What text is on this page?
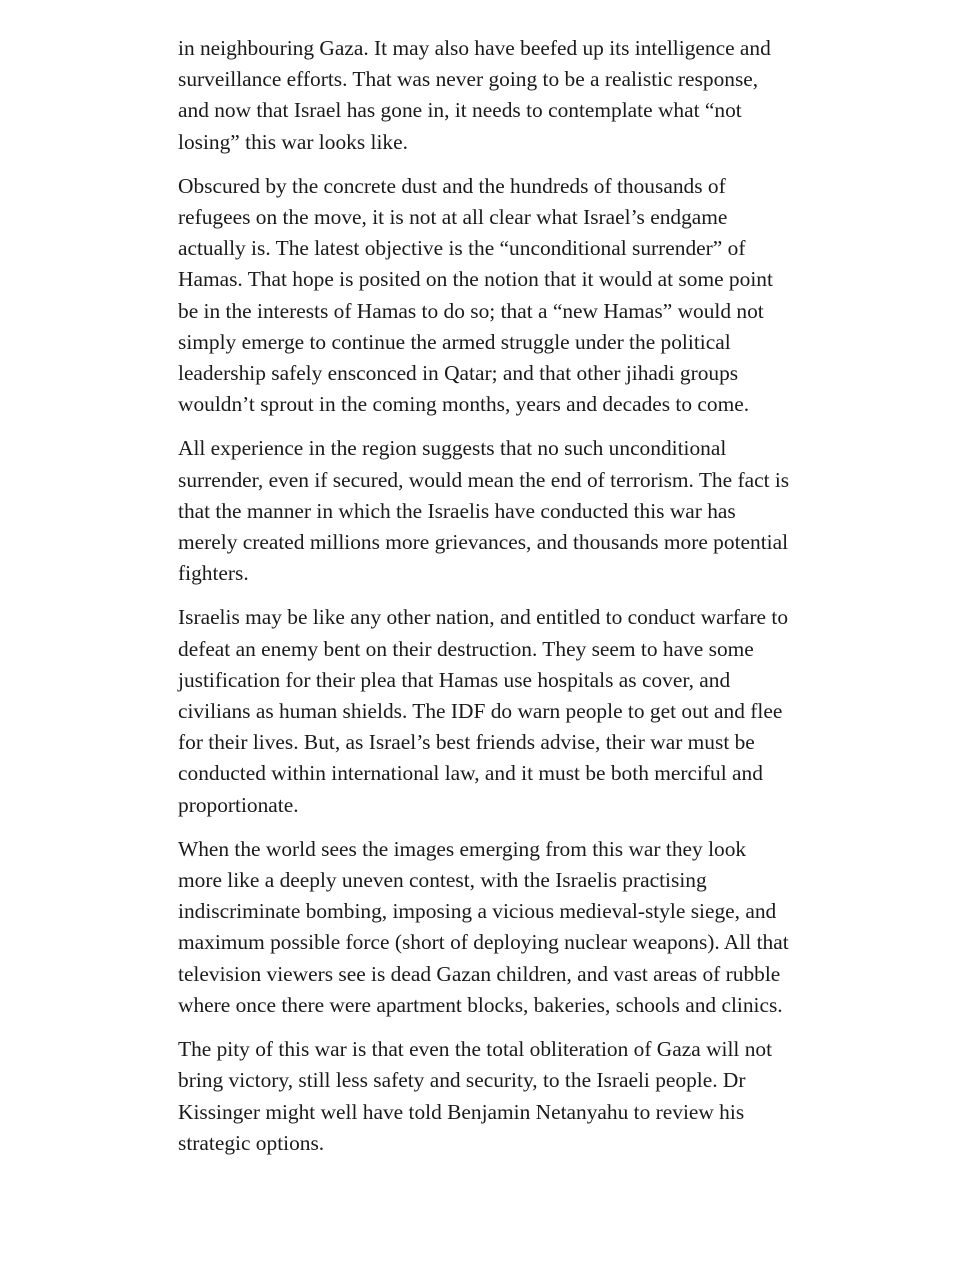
in neighbouring Gaza. It may also have beefed up its intelligence and surveillance efforts. That was never going to be a realistic response, and now that Israel has gone in, it needs to contemplate what “not losing” this war looks like.

Obscured by the concrete dust and the hundreds of thousands of refugees on the move, it is not at all clear what Israel’s endgame actually is. The latest objective is the “unconditional surrender” of Hamas. That hope is posited on the notion that it would at some point be in the interests of Hamas to do so; that a “new Hamas” would not simply emerge to continue the armed struggle under the political leadership safely ensconced in Qatar; and that other jihadi groups wouldn’t sprout in the coming months, years and decades to come.

All experience in the region suggests that no such unconditional surrender, even if secured, would mean the end of terrorism. The fact is that the manner in which the Israelis have conducted this war has merely created millions more grievances, and thousands more potential fighters.

Israelis may be like any other nation, and entitled to conduct warfare to defeat an enemy bent on their destruction. They seem to have some justification for their plea that Hamas use hospitals as cover, and civilians as human shields. The IDF do warn people to get out and flee for their lives. But, as Israel’s best friends advise, their war must be conducted within international law, and it must be both merciful and proportionate.

When the world sees the images emerging from this war they look more like a deeply uneven contest, with the Israelis practising indiscriminate bombing, imposing a vicious medieval-style siege, and maximum possible force (short of deploying nuclear weapons). All that television viewers see is dead Gazan children, and vast areas of rubble where once there were apartment blocks, bakeries, schools and clinics.

The pity of this war is that even the total obliteration of Gaza will not bring victory, still less safety and security, to the Israeli people. Dr Kissinger might well have told Benjamin Netanyahu to review his strategic options.
